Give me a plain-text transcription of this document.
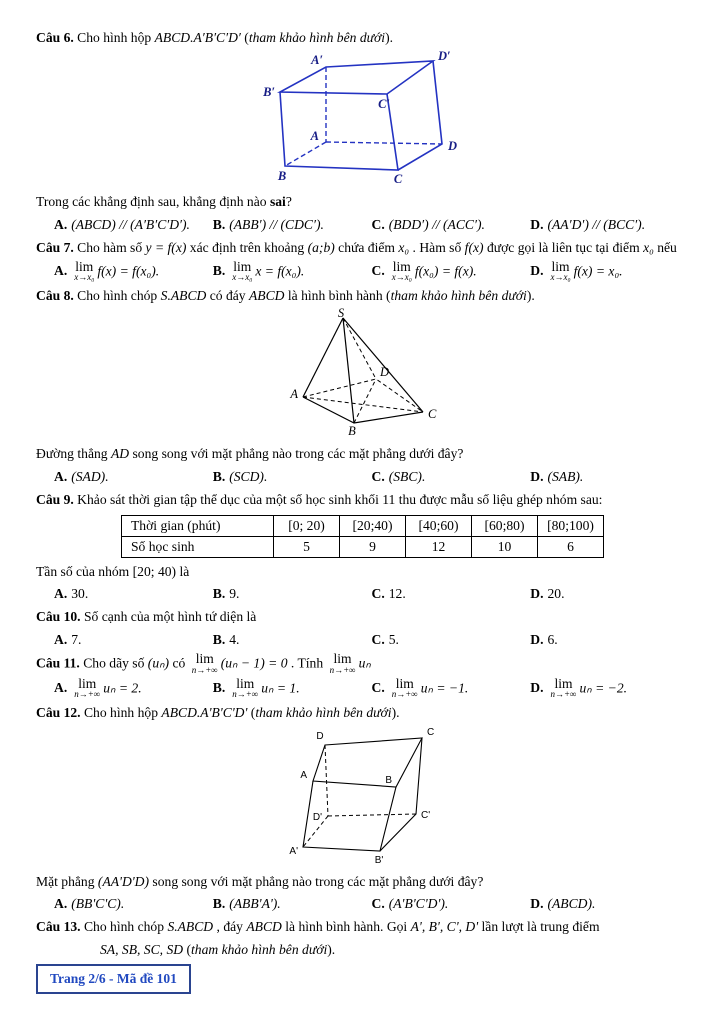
Câu 6. Cho hình hộp ABCD.A′B′C′D′ (tham khảo hình bên dưới).

A′	D′
B′
C′
A
D
B	C

Trong các khẳng định sau, khẳng định nào sai?

A. (ABCD) // (A′B′C′D′).	B. (ABB′) // (CDC′).	C. (BDD′) // (ACC′).	D. (AA′D′) // (BCC′).

Câu 7. Cho hàm số y = f(x) xác định trên khoảng (a;b) chứa điểm x₀ . Hàm số f(x) được gọi là liên tục tại điểm x₀ nếu

A. lim
x→x₀ f(x) = f(x₀).	B. lim
x→x₀ x = f(x₀).	C. lim
x→x₀ f(x₀) = f(x).	D. lim
x→x₀ f(x) = x₀.

Câu 8. Cho hình chóp S.ABCD có đáy ABCD là hình bình hành (tham khảo hình bên dưới).

S
A
B
C
D

Đường thẳng AD song song với mặt phẳng nào trong các mặt phẳng dưới đây?

A. (SAD).	B. (SCD).	C. (SBC).	D. (SAB).

Câu 9. Khảo sát thời gian tập thể dục của một số học sinh khối 11 thu được mẫu số liệu ghép nhóm sau:

Thời gian (phút)	[0; 20)	[20;40)	[40;60)	[60;80)	[80;100)
Số học sinh	5	9	12	10	6

Tần số của nhóm [20; 40) là

A. 30.	B. 9.	C. 12.	D. 20.

Câu 10. Số cạnh của một hình tứ diện là

A. 7.	B. 4.	C. 5.	D. 6.

Câu 11. Cho dãy số (uₙ) có lim
n→+∞ (uₙ − 1) = 0 . Tính lim
n→+∞ uₙ

A. lim
n→+∞ uₙ = 2.	B. lim
n→+∞ uₙ = 1.	C. lim
n→+∞ uₙ = −1.	D. lim
n→+∞ uₙ = −2.

Câu 12. Cho hình hộp ABCD.A'B'C'D' (tham khảo hình bên dưới).

D	C
A	B
D'	C'
A'
B'

Mặt phẳng (AA'D'D) song song với mặt phẳng nào trong các mặt phẳng dưới đây?

A. (BB'C'C).	B. (ABB'A').	C. (A'B'C'D').	D. (ABCD).

Câu 13. Cho hình chóp S.ABCD , đáy ABCD là hình bình hành. Gọi A', B', C', D' lần lượt là trung điểm

SA, SB, SC, SD (tham khảo hình bên dưới).

Trang 2/6 - Mã đề 101
